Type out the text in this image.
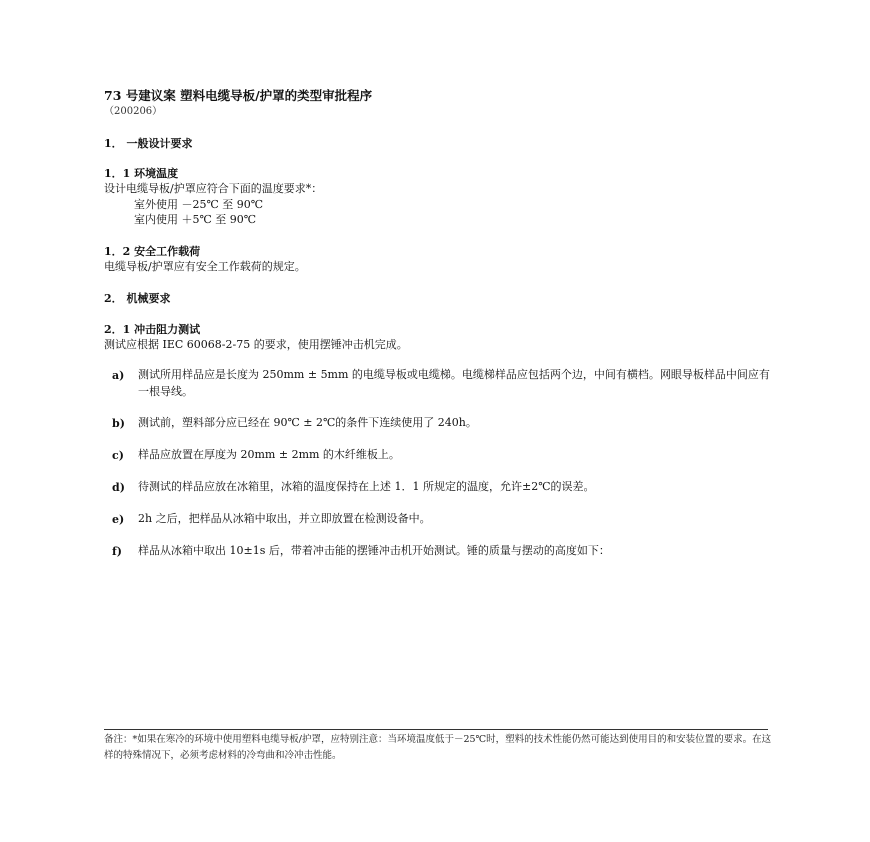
73 号建议案 塑料电缆导板/护罩的类型审批程序
（200206）
1． 一般设计要求
1．1 环境温度
设计电缆导板/护罩应符合下面的温度要求*：
室外使用 －25℃ 至 90℃
室内使用 ＋5℃ 至 90℃
1．2 安全工作载荷
电缆导板/护罩应有安全工作载荷的规定。
2． 机械要求
2．1 冲击阻力测试
测试应根据 IEC 60068-2-75 的要求，使用摆锤冲击机完成。
a) 测试所用样品应是长度为 250mm ± 5mm 的电缆导板或电缆梯。电缆梯样品应包括两个边，中间有横档。网眼导板样品中间应有一根导线。
b) 测试前，塑料部分应已经在 90℃ ± 2℃的条件下连续使用了 240h。
c) 样品应放置在厚度为 20mm ± 2mm 的木纤维板上。
d) 待测试的样品应放在冰箱里，冰箱的温度保持在上述 1．1 所规定的温度，允许±2℃的误差。
e) 2h 之后，把样品从冰箱中取出，并立即放置在检测设备中。
f) 样品从冰箱中取出 10±1s 后，带着冲击能的摆锤冲击机开始测试。锤的质量与摆动的高度如下：
备注：*如果在寒冷的环境中使用塑料电缆导板/护罩，应特别注意：当环境温度低于－25℃时，塑料的技术性能仍然可能达到使用目的和安装位置的要求。在这样的特殊情况下，必须考虑材料的冷弯曲和冷冲击性能。
